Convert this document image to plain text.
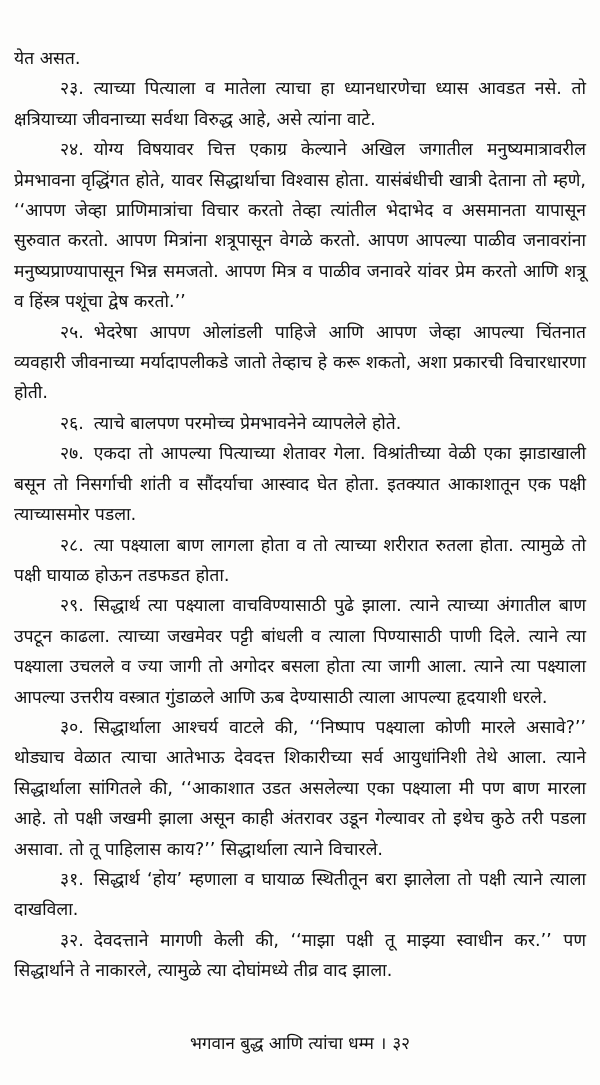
येत असत.

२३. त्याच्या पित्याला व मातेला त्याचा हा ध्यानधारणेचा ध्यास आवडत नसे. तो क्षत्रियाच्या जीवनाच्या सर्वथा विरुद्ध आहे, असे त्यांना वाटे.

२४. योग्य विषयावर चित्त एकाग्र केल्याने अखिल जगातील मनुष्यमात्रावरील प्रेमभावना वृद्धिंगत होते, यावर सिद्धार्थाचा विश्वास होता. यासंबंधीची खात्री देताना तो म्हणे, ‘‘आपण जेव्हा प्राणिमात्रांचा विचार करतो तेव्हा त्यांतील भेदाभेद व असमानता यापासून सुरुवात करतो. आपण मित्रांना शत्रूपासून वेगळे करतो. आपण आपल्या पाळीव जनावरांना मनुष्यप्राण्यापासून भिन्न समजतो. आपण मित्र व पाळीव जनावरे यांवर प्रेम करतो आणि शत्रू व हिंस्त्र पशूंचा द्वेष करतो.’’

२५. भेदरेषा आपण ओलांडली पाहिजे आणि आपण जेव्हा आपल्या चिंतनात व्यवहारी जीवनाच्या मर्यादापलीकडे जातो तेव्हाच हे करू शकतो, अशा प्रकारची विचारधारणा होती.

२६. त्याचे बालपण परमोच्च प्रेमभावनेने व्यापलेले होते.

२७. एकदा तो आपल्या पित्याच्या शेतावर गेला. विश्रांतीच्या वेळी एका झाडाखाली बसून तो निसर्गाची शांती व सौंदर्याचा आस्वाद घेत होता. इतक्यात आकाशातून एक पक्षी त्याच्यासमोर पडला.

२८. त्या पक्ष्याला बाण लागला होता व तो त्याच्या शरीरात रुतला होता. त्यामुळे तो पक्षी घायाळ होऊन तडफडत होता.

२९. सिद्धार्थ त्या पक्ष्याला वाचविण्यासाठी पुढे झाला. त्याने त्याच्या अंगातील बाण उपटून काढला. त्याच्या जखमेवर पट्टी बांधली व त्याला पिण्यासाठी पाणी दिले. त्याने त्या पक्ष्याला उचलले व ज्या जागी तो अगोदर बसला होता त्या जागी आला. त्याने त्या पक्ष्याला आपल्या उत्तरीय वस्त्रात गुंडाळले आणि ऊब देण्यासाठी त्याला आपल्या हृदयाशी धरले.

३०. सिद्धार्थाला आश्चर्य वाटले की, ‘‘निष्पाप पक्ष्याला कोणी मारले असावे?’’ थोड्याच वेळात त्याचा आतेभाऊ देवदत्त शिकारीच्या सर्व आयुधांनिशी तेथे आला. त्याने सिद्धार्थाला सांगितले की, ‘‘आकाशात उडत असलेल्या एका पक्ष्याला मी पण बाण मारला आहे. तो पक्षी जखमी झाला असून काही अंतरावर उडून गेल्यावर तो इथेच कुठे तरी पडला असावा. तो तू पाहिलास काय?’’ सिद्धार्थाला त्याने विचारले.

३१. सिद्धार्थ ‘होय’ म्हणाला व घायाळ स्थितीतून बरा झालेला तो पक्षी त्याने त्याला दाखविला.

३२. देवदत्ताने मागणी केली की, ‘‘माझा पक्षी तू माझ्या स्वाधीन कर.’’ पण सिद्धार्थाने ते नाकारले, त्यामुळे त्या दोघांमध्ये तीव्र वाद झाला.

भगवान बुद्ध आणि त्यांचा धम्म । ३२
